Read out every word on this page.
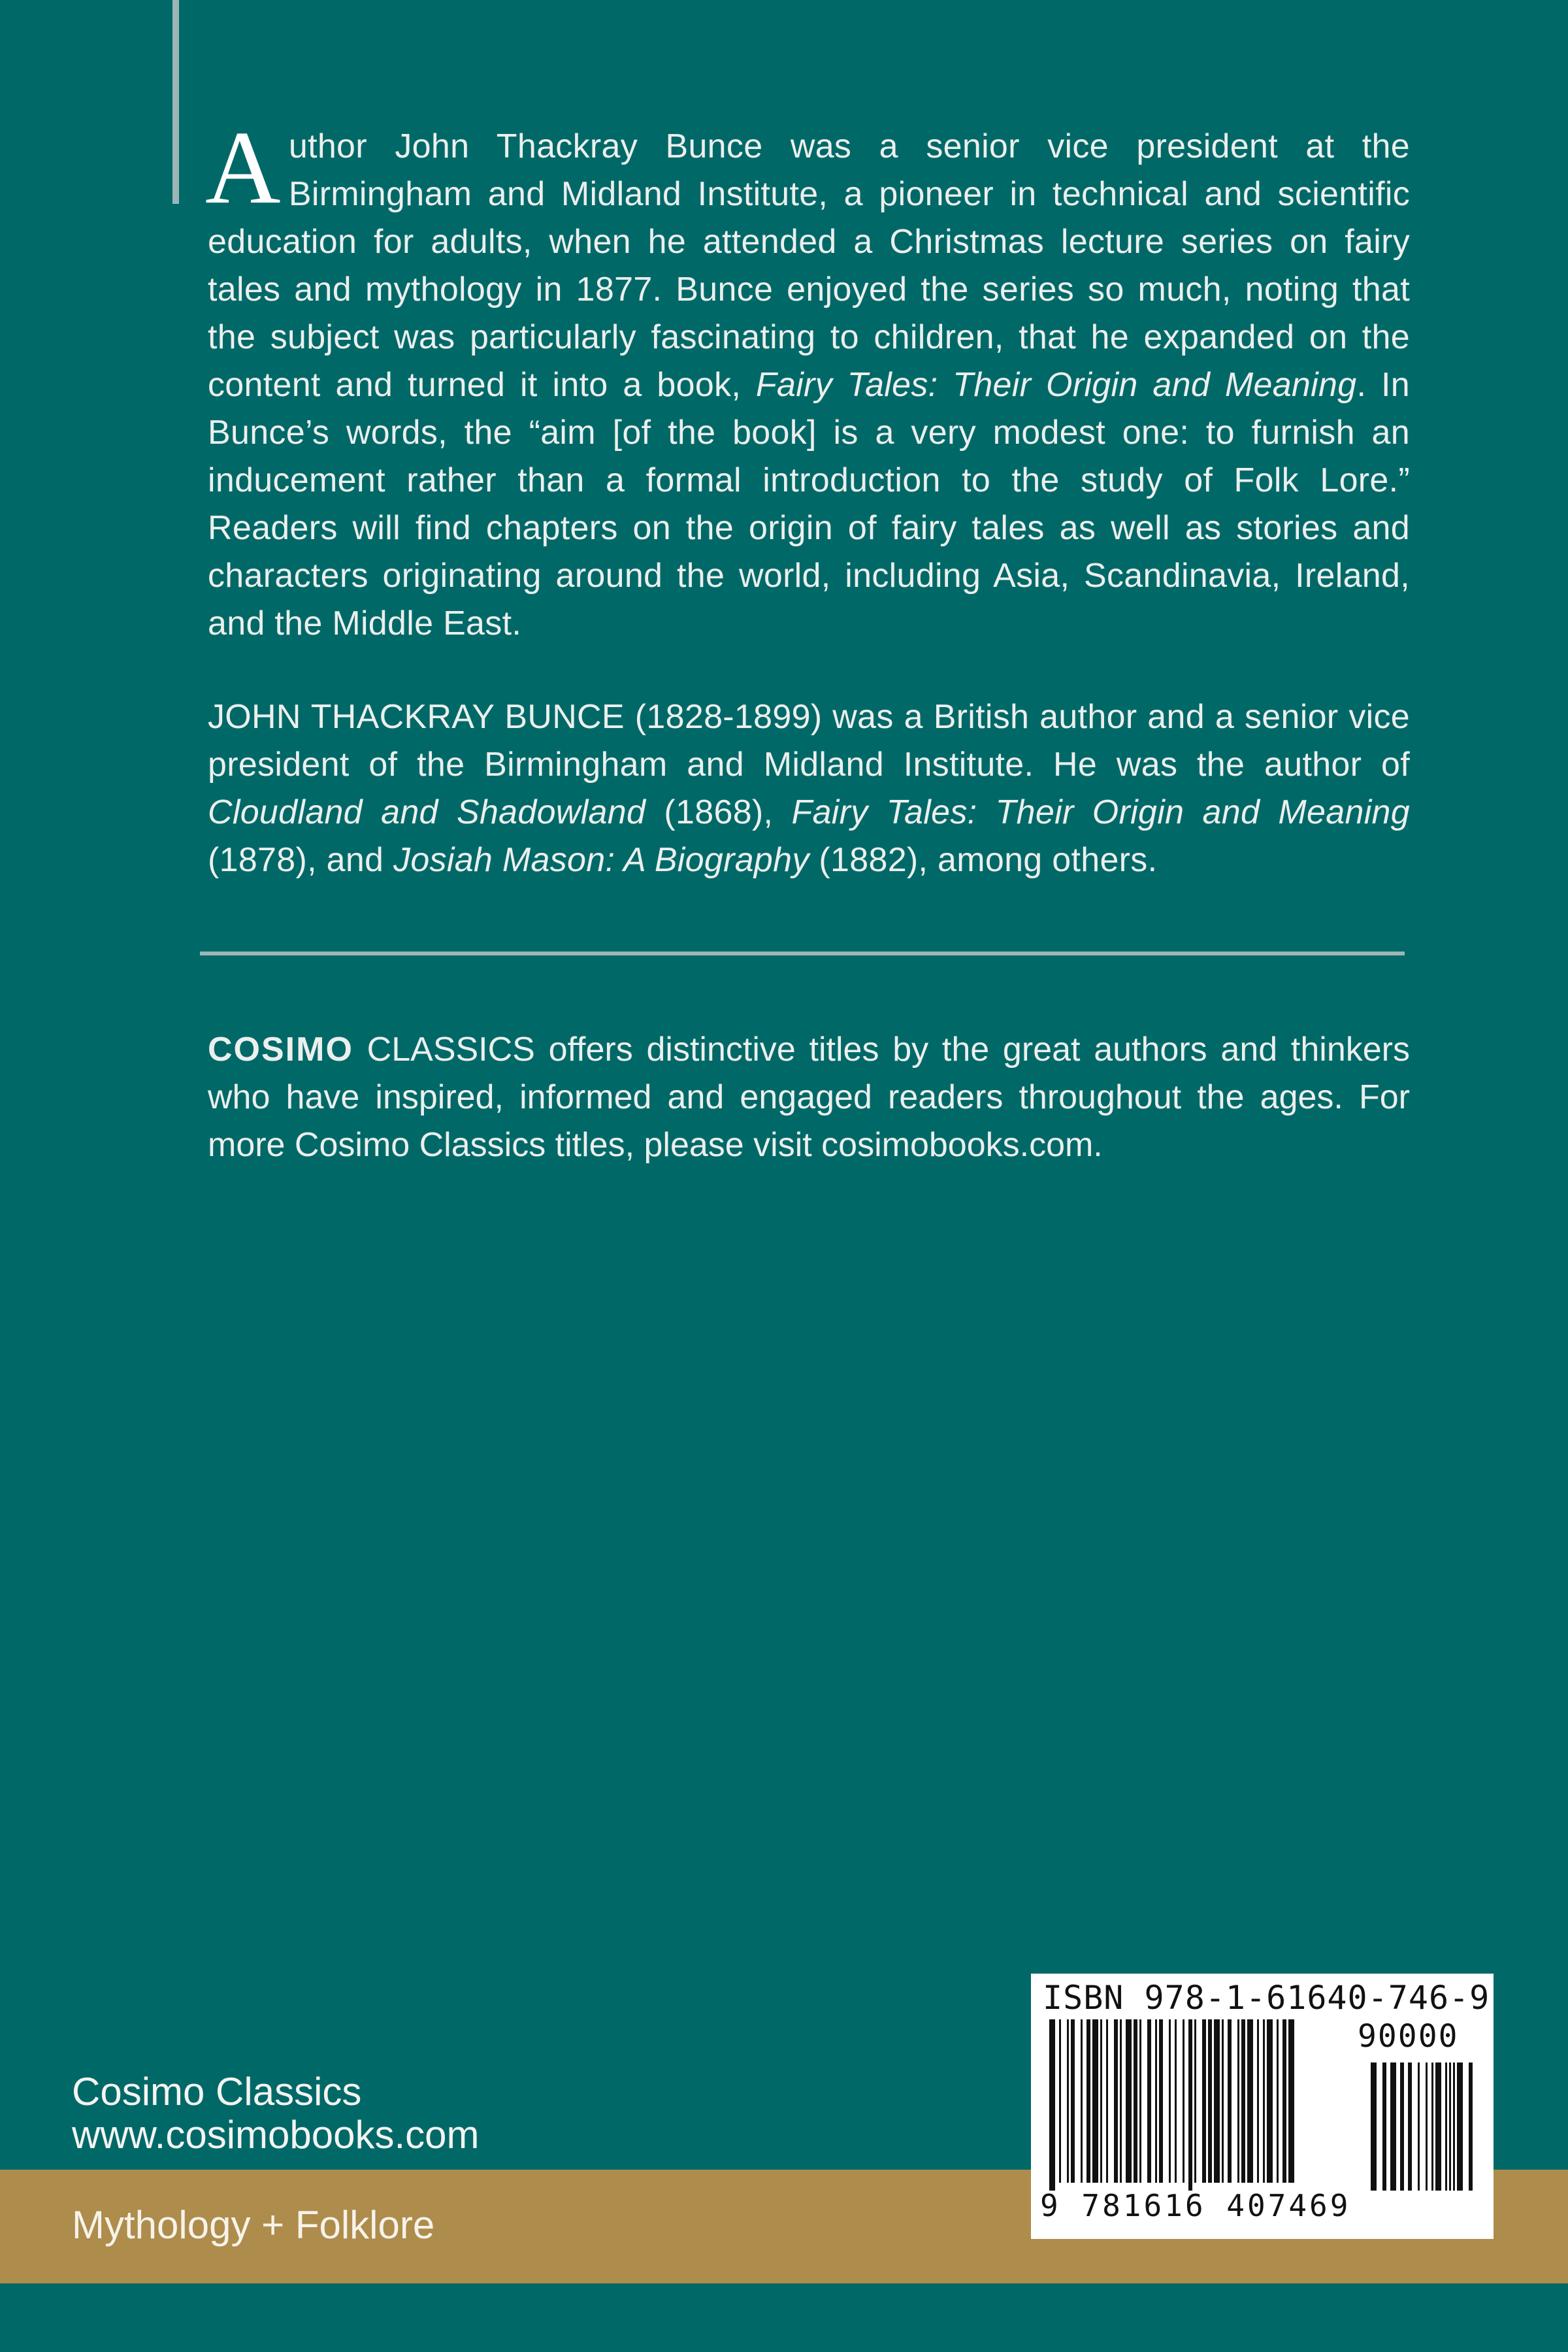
Author John Thackray Bunce was a senior vice president at the Birmingham and Midland Institute, a pioneer in technical and scientific education for adults, when he attended a Christmas lecture series on fairy tales and mythology in 1877. Bunce enjoyed the series so much, noting that the subject was particularly fascinating to children, that he expanded on the content and turned it into a book, Fairy Tales: Their Origin and Meaning. In Bunce’s words, the “aim [of the book] is a very modest one: to furnish an inducement rather than a formal introduction to the study of Folk Lore.” Readers will find chapters on the origin of fairy tales as well as stories and characters originating around the world, including Asia, Scandinavia, Ireland, and the Middle East.

JOHN THACKRAY BUNCE (1828-1899) was a British author and a senior vice president of the Birmingham and Midland Institute. He was the author of Cloudland and Shadowland (1868), Fairy Tales: Their Origin and Meaning (1878), and Josiah Mason: A Biography (1882), among others.

COSIMO CLASSICS offers distinctive titles by the great authors and thinkers who have inspired, informed and engaged readers throughout the ages. For more Cosimo Classics titles, please visit cosimobooks.com.
Cosimo Classics
www.cosimobooks.com
Mythology + Folklore
ISBN 978-1-61640-746-9
90000
9 781616 407469
